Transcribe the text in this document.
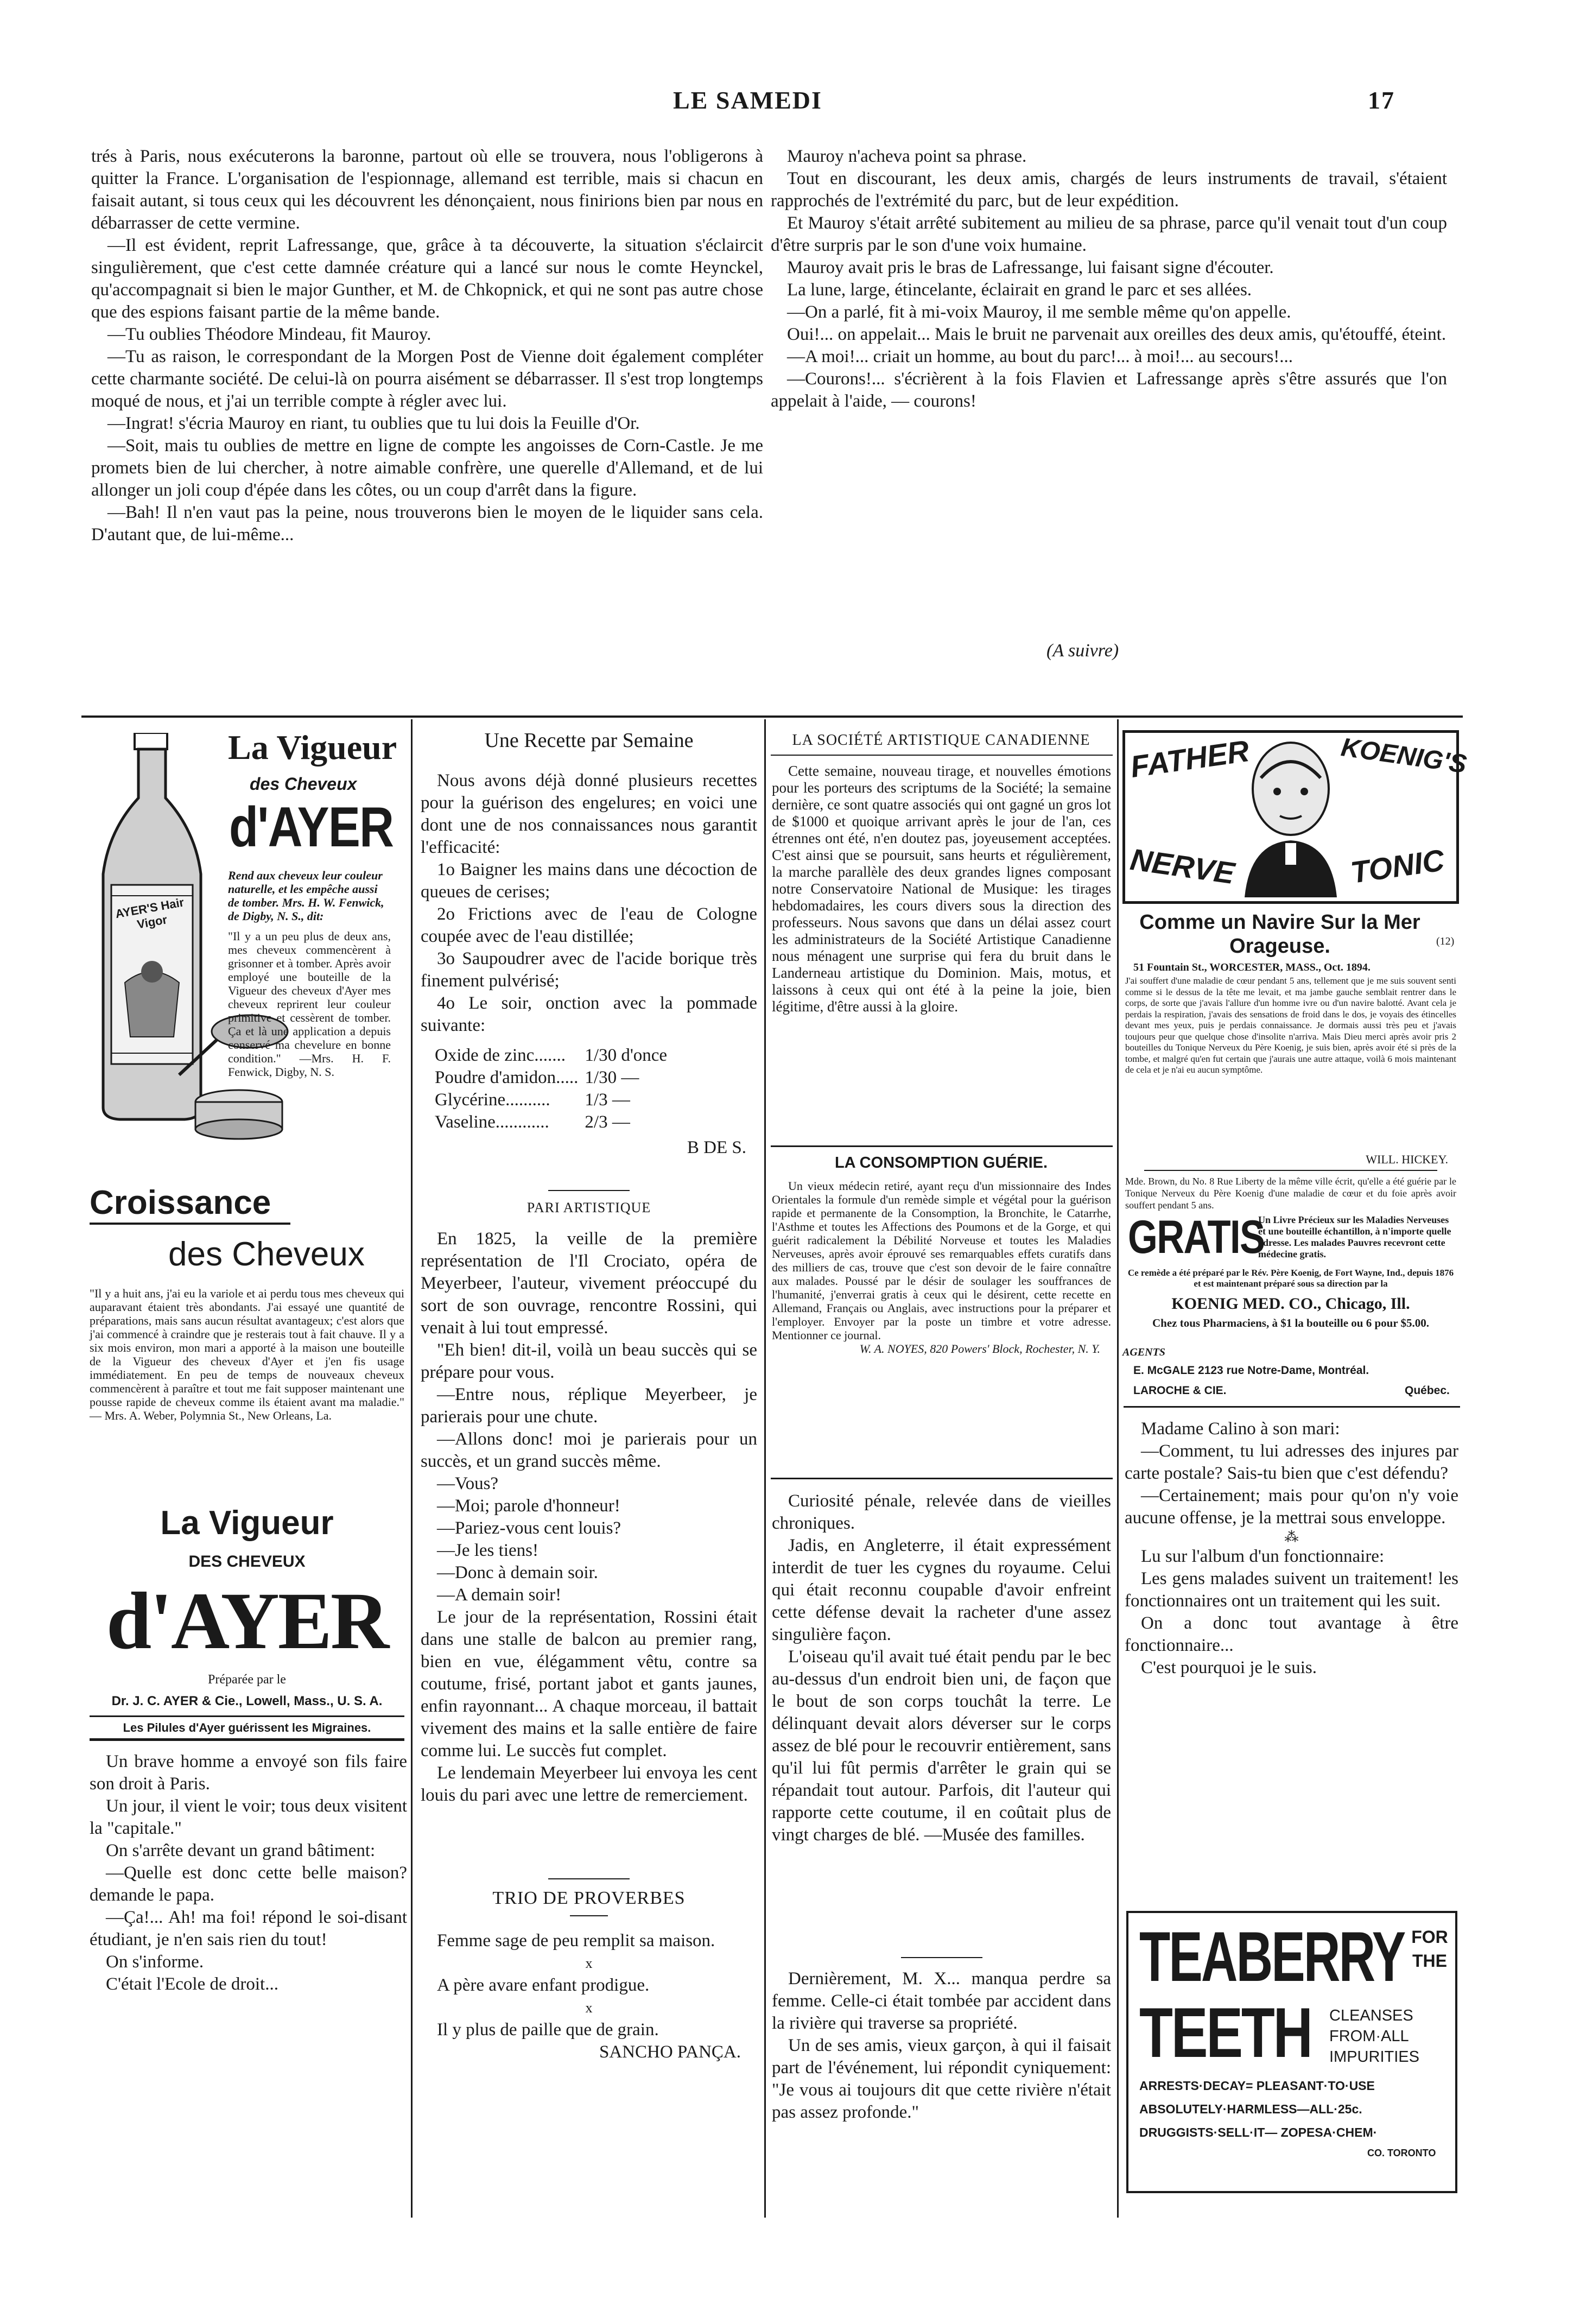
LE SAMEDI	17

trés à Paris, nous exécuterons la baronne, partout où elle se trouvera, nous l'obligerons à quitter la France. L'organisation de l'espionnage, allemand est terrible, mais si chacun en faisait autant, si tous ceux qui les découvrent les dénonçaient, nous finirions bien par nous en débarrasser de cette vermine.

—Il est évident, reprit Lafressange, que, grâce à ta découverte, la situation s'éclaircit singulièrement, que c'est cette damnée créature qui a lancé sur nous le comte Heynckel, qu'accompagnait si bien le major Gunther, et M. de Chkopnick, et qui ne sont pas autre chose que des espions faisant partie de la même bande.

—Tu oublies Théodore Mindeau, fit Mauroy.

—Tu as raison, le correspondant de la Morgen Post de Vienne doit également compléter cette charmante société. De celui-là on pourra aisément se débarrasser. Il s'est trop longtemps moqué de nous, et j'ai un terrible compte à régler avec lui.

—Ingrat! s'écria Mauroy en riant, tu oublies que tu lui dois la Feuille d'Or.

—Soit, mais tu oublies de mettre en ligne de compte les angoisses de Corn-Castle. Je me promets bien de lui chercher, à notre aimable confrère, une querelle d'Allemand, et de lui allonger un joli coup d'épée dans les côtes, ou un coup d'arrêt dans la figure.

—Bah! Il n'en vaut pas la peine, nous trouverons bien le moyen de le liquider sans cela. D'autant que, de lui-même...

Mauroy n'acheva point sa phrase.

Tout en discourant, les deux amis, chargés de leurs instruments de travail, s'étaient rapprochés de l'extrémité du parc, but de leur expédition.

Et Mauroy s'était arrêté subitement au milieu de sa phrase, parce qu'il venait tout d'un coup d'être surpris par le son d'une voix humaine.

Mauroy avait pris le bras de Lafressange, lui faisant signe d'écouter.

La lune, large, étincelante, éclairait en grand le parc et ses allées.

—On a parlé, fit à mi-voix Mauroy, il me semble même qu'on appelle.

Oui!... on appelait... Mais le bruit ne parvenait aux oreilles des deux amis, qu'étouffé, éteint.

—A moi!... criait un homme, au bout du parc!... à moi!... au secours!...

—Courons!... s'écrièrent à la fois Flavien et Lafressange après s'être assurés que l'on appelait à l'aide, — courons!

(A suivre)
AYER'S Hair Vigor
La Vigueur
des Cheveux
d'AYER
Rend aux cheveux leur couleur naturelle, et les empêche aussi de tomber. Mrs. H. W. Fenwick, de Digby, N. S., dit:
"Il y a un peu plus de deux ans, mes cheveux commencèrent à grisonner et à tomber. Après avoir employé une bouteille de la Vigueur des cheveux d'Ayer mes cheveux reprirent leur couleur primitive et cessèrent de tomber. Ça et là une application a depuis conservé ma chevelure en bonne condition." —Mrs. H. F. Fenwick, Digby, N. S.
Croissance
des Cheveux
"Il y a huit ans, j'ai eu la variole et ai perdu tous mes cheveux qui auparavant étaient très abondants. J'ai essayé une quantité de préparations, mais sans aucun résultat avantageux; c'est alors que j'ai commencé à craindre que je resterais tout à fait chauve. Il y a six mois environ, mon mari a apporté à la maison une bouteille de la Vigueur des cheveux d'Ayer et j'en fis usage immédiatement. En peu de temps de nouveaux cheveux commencèrent à paraître et tout me fait supposer maintenant une pousse rapide de cheveux comme ils étaient avant ma maladie." — Mrs. A. Weber, Polymnia St., New Orleans, La.
La Vigueur
DES CHEVEUX
d'AYER
Préparée par le
Dr. J. C. AYER & Cie., Lowell, Mass., U. S. A.
Les Pilules d'Ayer guérissent les Migraines.

Un brave homme a envoyé son fils faire son droit à Paris.

Un jour, il vient le voir; tous deux visitent la "capitale."

On s'arrête devant un grand bâtiment:

—Quelle est donc cette belle maison? demande le papa.

—Ça!... Ah! ma foi! répond le soi-disant étudiant, je n'en sais rien du tout!

On s'informe.

C'était l'Ecole de droit...

Une Recette par Semaine

Nous avons déjà donné plusieurs recettes pour la guérison des engelures; en voici une dont une de nos connaissances nous garantit l'efficacité:

1o Baigner les mains dans une décoction de queues de cerises;

2o Frictions avec de l'eau de Cologne coupée avec de l'eau distillée;

3o Saupoudrer avec de l'acide borique très finement pulvérisé;

4o Le soir, onction avec la pommade suivante:

Oxide de zinc.......	1/30 d'once
Poudre d'amidon.....	1/30 —
Glycérine..........	1/3 —
Vaseline............	2/3 —

B DE S.

PARI ARTISTIQUE

En 1825, la veille de la première représentation de l'Il Crociato, opéra de Meyerbeer, l'auteur, vivement préoccupé du sort de son ouvrage, rencontre Rossini, qui venait à lui tout empressé.

"Eh bien! dit-il, voilà un beau succès qui se prépare pour vous.

—Entre nous, réplique Meyerbeer, je parierais pour une chute.

—Allons donc! moi je parierais pour un succès, et un grand succès même.

—Vous?

—Moi; parole d'honneur!

—Pariez-vous cent louis?

—Je les tiens!

—Donc à demain soir.

—A demain soir!

Le jour de la représentation, Rossini était dans une stalle de balcon au premier rang, bien en vue, élégamment vêtu, contre sa coutume, frisé, portant jabot et gants jaunes, enfin rayonnant... A chaque morceau, il battait vivement des mains et la salle entière de faire comme lui. Le succès fut complet.

Le lendemain Meyerbeer lui envoya les cent louis du pari avec une lettre de remerciement.

TRIO DE PROVERBES

Femme sage de peu remplit sa maison.

x

A père avare enfant prodigue.

x

Il y plus de paille que de grain.

SANCHO PANÇA.

LA SOCIÉTÉ ARTISTIQUE CANADIENNE

Cette semaine, nouveau tirage, et nouvelles émotions pour les porteurs des scriptums de la Société; la semaine dernière, ce sont quatre associés qui ont gagné un gros lot de $1000 et quoique arrivant après le jour de l'an, ces étrennes ont été, n'en doutez pas, joyeusement acceptées. C'est ainsi que se poursuit, sans heurts et régulièrement, la marche parallèle des deux grandes lignes composant notre Conservatoire National de Musique: les tirages hebdomadaires, les cours divers sous la direction des professeurs. Nous savons que dans un délai assez court les administrateurs de la Société Artistique Canadienne nous ménagent une surprise qui fera du bruit dans le Landerneau artistique du Dominion. Mais, motus, et laissons à ceux qui ont été à la peine la joie, bien légitime, d'être aussi à la gloire.

LA CONSOMPTION GUÉRIE.

Un vieux médecin retiré, ayant reçu d'un missionnaire des Indes Orientales la formule d'un remède simple et végétal pour la guérison rapide et permanente de la Consomption, la Bronchite, le Catarrhe, l'Asthme et toutes les Affections des Poumons et de la Gorge, et qui guérit radicalement la Débilité Norveuse et toutes les Maladies Nerveuses, après avoir éprouvé ses remarquables effets curatifs dans des milliers de cas, trouve que c'est son devoir de le faire connaître aux malades. Poussé par le désir de soulager les souffrances de l'humanité, j'enverrai gratis à ceux qui le désirent, cette recette en Allemand, Français ou Anglais, avec instructions pour la préparer et l'employer. Envoyer par la poste un timbre et votre adresse. Mentionner ce journal.

W. A. NOYES, 820 Powers' Block, Rochester, N. Y.

Curiosité pénale, relevée dans de vieilles chroniques.

Jadis, en Angleterre, il était expressément interdit de tuer les cygnes du royaume. Celui qui était reconnu coupable d'avoir enfreint cette défense devait la racheter d'une assez singulière façon.

L'oiseau qu'il avait tué était pendu par le bec au-dessus d'un endroit bien uni, de façon que le bout de son corps touchât la terre. Le délinquant devait alors déverser sur le corps assez de blé pour le recouvrir entièrement, sans qu'il lui fût permis d'arrêter le grain qui se répandait tout autour. Parfois, dit l'auteur qui rapporte cette coutume, il en coûtait plus de vingt charges de blé. —Musée des familles.

Dernièrement, M. X... manqua perdre sa femme. Celle-ci était tombée par accident dans la rivière qui traverse sa propriété.

Un de ses amis, vieux garçon, à qui il faisait part de l'événement, lui répondit cyniquement: "Je vous ai toujours dit que cette rivière n'était pas assez profonde."

FATHER	KOENIG'S
NERVE	TONIC
Comme un Navire Sur la Mer Orageuse.	(12)
51 Fountain St., WORCESTER, MASS., Oct. 1894.
J'ai souffert d'une maladie de cœur pendant 5 ans, tellement que je me suis souvent senti comme si le dessus de la tête me levait, et ma jambe gauche semblait rentrer dans le corps, de sorte que j'avais l'allure d'un homme ivre ou d'un navire balotté. Avant cela je perdais la respiration, j'avais des sensations de froid dans le dos, je voyais des étincelles devant mes yeux, puis je perdais connaissance. Je dormais aussi très peu et j'avais toujours peur que quelque chose d'insolite n'arriva. Mais Dieu merci après avoir pris 2 bouteilles du Tonique Nerveux du Père Koenig, je suis bien, après avoir été si près de la tombe, et malgré qu'en fut certain que j'aurais une autre attaque, voilà 6 mois maintenant de cela et je n'ai eu aucun symptôme.
WILL. HICKEY.
Mde. Brown, du No. 8 Rue Liberty de la même ville écrit, qu'elle a été guérie par le Tonique Nerveux du Père Koenig d'une maladie de cœur et du foie après avoir souffert pendant 5 ans.
GRATIS
Un Livre Précieux sur les Maladies Nerveuses et une bouteille échantillon, à n'importe quelle adresse. Les malades Pauvres recevront cette médecine gratis.
Ce remède a été préparé par le Rév. Père Koenig, de Fort Wayne, Ind., depuis 1876 et est maintenant préparé sous sa direction par la
KOENIG MED. CO., Chicago, Ill.
Chez tous Pharmaciens, à $1 la bouteille ou 6 pour $5.00.
AGENTS
E. McGALE 2123 rue Notre-Dame, Montréal.
LAROCHE & CIE.	Québec.

Madame Calino à son mari:

—Comment, tu lui adresses des injures par carte postale? Sais-tu bien que c'est défendu?

—Certainement; mais pour qu'on n'y voie aucune offense, je la mettrai sous enveloppe.

⁂

Lu sur l'album d'un fonctionnaire:

Les gens malades suivent un traitement! les fonctionnaires ont un traitement qui les suit.

On a donc tout avantage à être fonctionnaire...

C'est pourquoi je le suis.

TEABERRY FOR THE
TEETH CLEANSES FROM·ALL IMPURITIES
ARRESTS·DECAY= PLEASANT·TO·USE
ABSOLUTELY·HARMLESS—ALL·25c.
DRUGGISTS·SELL·IT— ZOPESA·CHEM·
CO. TORONTO
